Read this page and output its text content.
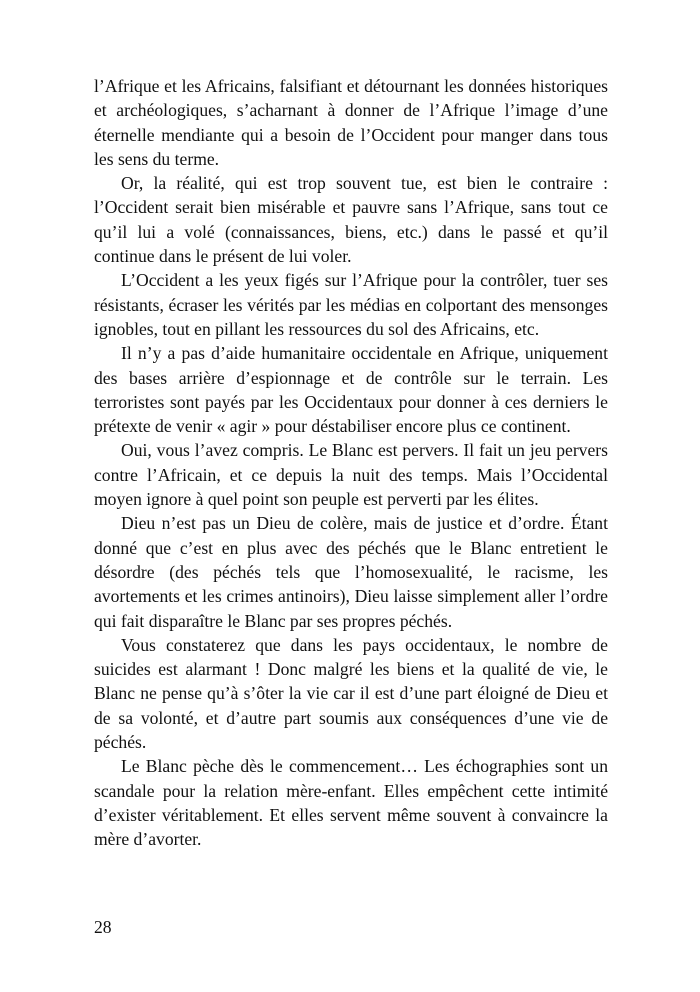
l’Afrique et les Africains, falsifiant et détournant les données historiques et archéologiques, s’acharnant à donner de l’Afrique l’image d’une éternelle mendiante qui a besoin de l’Occident pour manger dans tous les sens du terme.

Or, la réalité, qui est trop souvent tue, est bien le contraire : l’Occident serait bien misérable et pauvre sans l’Afrique, sans tout ce qu’il lui a volé (connaissances, biens, etc.) dans le passé et qu’il continue dans le présent de lui voler.

L’Occident a les yeux figés sur l’Afrique pour la contrôler, tuer ses résistants, écraser les vérités par les médias en colportant des mensonges ignobles, tout en pillant les ressources du sol des Africains, etc.

Il n’y a pas d’aide humanitaire occidentale en Afrique, uniquement des bases arrière d’espionnage et de contrôle sur le terrain. Les terroristes sont payés par les Occidentaux pour donner à ces derniers le prétexte de venir « agir » pour déstabiliser encore plus ce continent.

Oui, vous l’avez compris. Le Blanc est pervers. Il fait un jeu pervers contre l’Africain, et ce depuis la nuit des temps. Mais l’Occidental moyen ignore à quel point son peuple est perverti par les élites.

Dieu n’est pas un Dieu de colère, mais de justice et d’ordre. Étant donné que c’est en plus avec des péchés que le Blanc entretient le désordre (des péchés tels que l’homosexualité, le racisme, les avortements et les crimes antinoirs), Dieu laisse simplement aller l’ordre qui fait disparaître le Blanc par ses propres péchés.

Vous constaterez que dans les pays occidentaux, le nombre de suicides est alarmant ! Donc malgré les biens et la qualité de vie, le Blanc ne pense qu’à s’ôter la vie car il est d’une part éloigné de Dieu et de sa volonté, et d’autre part soumis aux conséquences d’une vie de péchés.

Le Blanc pèche dès le commencement… Les échographies sont un scandale pour la relation mère-enfant. Elles empêchent cette intimité d’exister véritablement. Et elles servent même souvent à convaincre la mère d’avorter.

28
